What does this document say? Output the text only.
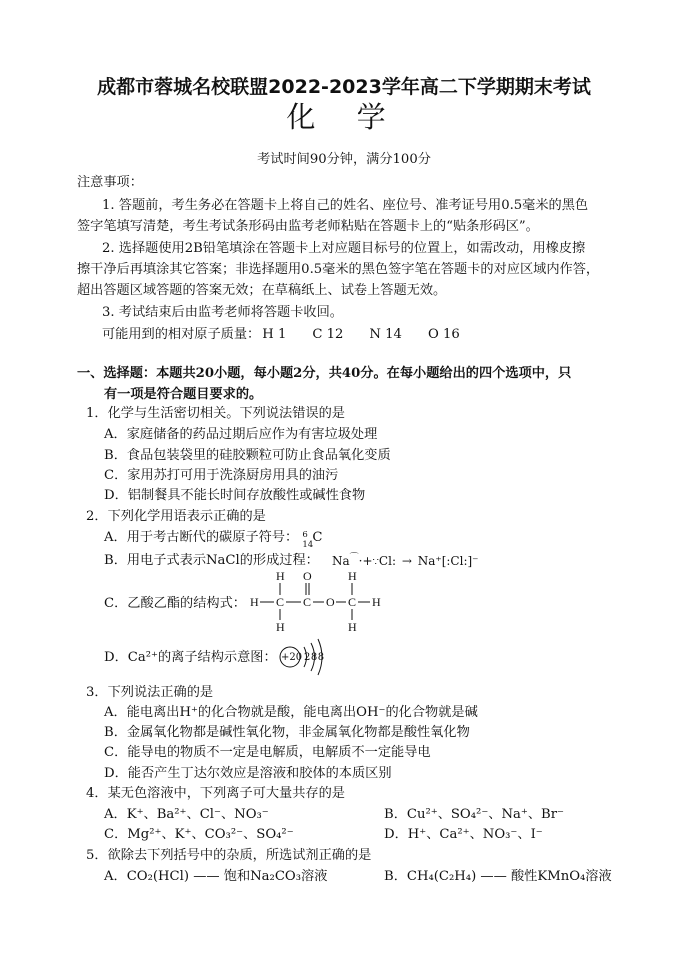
成都市蓉城名校联盟2022-2023学年高二下学期期末考试
化 学
考试时间90分钟，满分100分
注意事项：
1. 答题前，考生务必在答题卡上将自己的姓名、座位号、准考证号用0.5毫米的黑色
签字笔填写清楚，考生考试条形码由监考老师粘贴在答题卡上的“贴条形码区”。
2. 选择题使用2B铅笔填涂在答题卡上对应题目标号的位置上，如需改动，用橡皮擦
擦干净后再填涂其它答案；非选择题用0.5毫米的黑色签字笔在答题卡的对应区域内作答，
超出答题区域答题的答案无效；在草稿纸上、试卷上答题无效。
3. 考试结束后由监考老师将答题卡收回。
可能用到的相对原子质量： H 1 C 12 N 14 O 16
一、选择题：本题共20小题，每小题2分，共40分。在每小题给出的四个选项中，只
有一项是符合题目要求的。
1．化学与生活密切相关。下列说法错误的是
A．家庭储备的药品过期后应作为有害垃圾处理
B．食品包装袋里的硅胶颗粒可防止食品氧化变质
C．家用苏打可用于洗涤厨房用具的油污
D．铝制餐具不能长时间存放酸性或碱性食物
2．下列化学用语表示正确的是
A．用于考古断代的碳原子符号： 6
14 C
B．用电子式表示NaCl的形成过程： Na⌒·+∵Cl: → Na⁺[:Cl:]⁻
C．乙酸乙酯的结构式：
H O	H
H C C O C H
H	H
D．Ca²⁺的离子结构示意图： +20 288
3．下列说法正确的是
A．能电离出H⁺的化合物就是酸，能电离出OH⁻的化合物就是碱
B．金属氧化物都是碱性氧化物，非金属氧化物都是酸性氧化物
C．能导电的物质不一定是电解质，电解质不一定能导电
D．能否产生丁达尔效应是溶液和胶体的本质区别
4．某无色溶液中，下列离子可大量共存的是
A．K⁺、Ba²⁺、Cl⁻、NO₃⁻	B．Cu²⁺、SO₄²⁻、Na⁺、Br⁻
C．Mg²⁺、K⁺、CO₃²⁻、SO₄²⁻	D．H⁺、Ca²⁺、NO₃⁻、I⁻
5．欲除去下列括号中的杂质，所选试剂正确的是
A．CO₂(HCl) —— 饱和Na₂CO₃溶液	B．CH₄(C₂H₄) —— 酸性KMnO₄溶液
